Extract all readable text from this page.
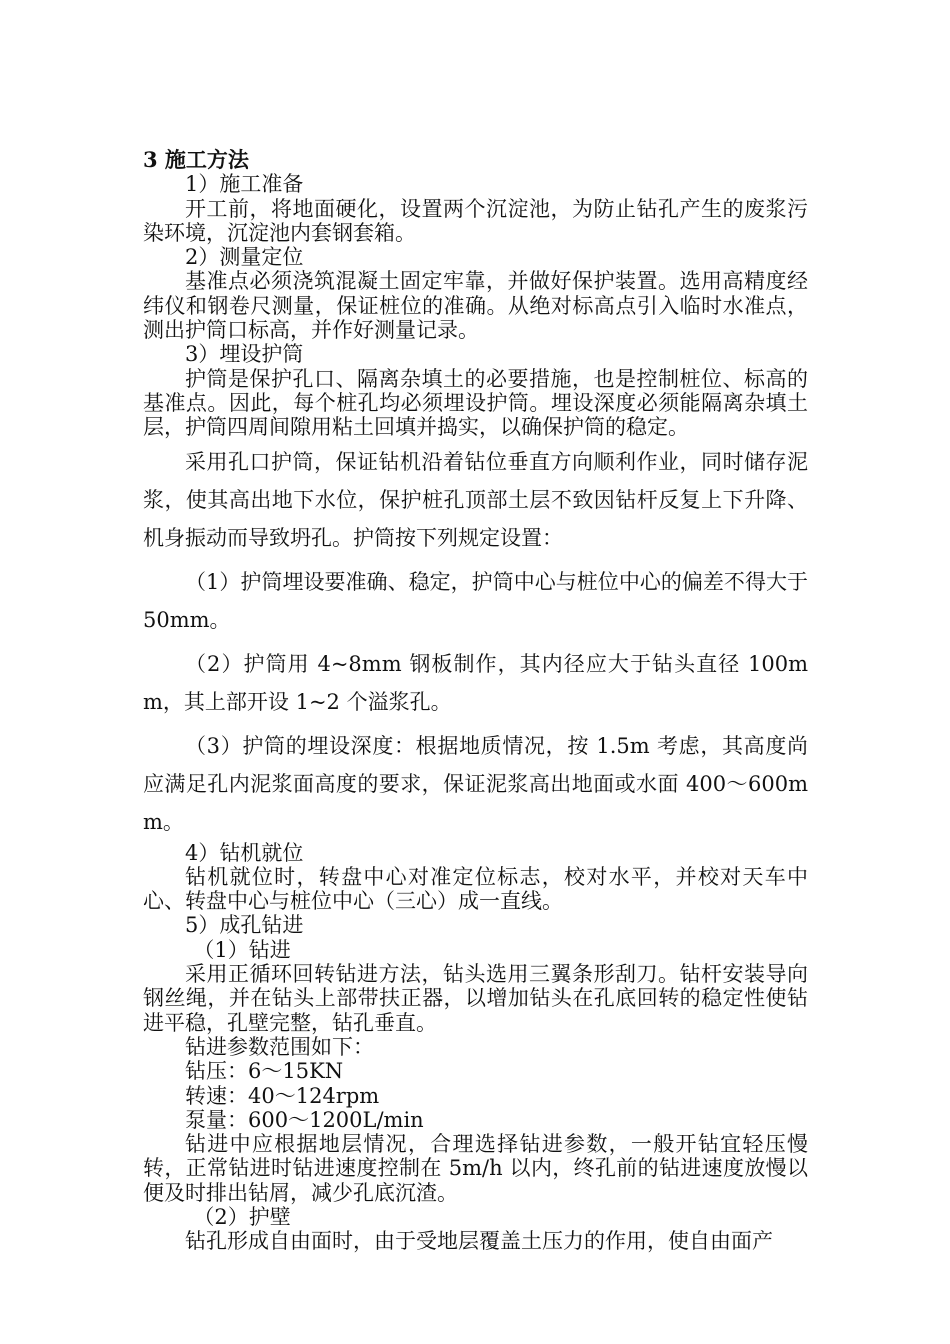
3 施工方法

1）施工准备

开工前，将地面硬化，设置两个沉淀池，为防止钻孔产生的废浆污染环境，沉淀池内套钢套箱。

2）测量定位

基准点必须浇筑混凝土固定牢靠，并做好保护装置。选用高精度经纬仪和钢卷尺测量，保证桩位的准确。从绝对标高点引入临时水准点，测出护筒口标高，并作好测量记录。

3）埋设护筒

护筒是保护孔口、隔离杂填土的必要措施，也是控制桩位、标高的基准点。因此，每个桩孔均必须埋设护筒。埋设深度必须能隔离杂填土层，护筒四周间隙用粘土回填并捣实，以确保护筒的稳定。

采用孔口护筒，保证钻机沿着钻位垂直方向顺利作业，同时储存泥浆，使其高出地下水位，保护桩孔顶部土层不致因钻杆反复上下升降、机身振动而导致坍孔。护筒按下列规定设置：

（1）护筒埋设要准确、稳定，护筒中心与桩位中心的偏差不得大于 50mm。

（2）护筒用 4~8mm 钢板制作，其内径应大于钻头直径 100mm，其上部开设 1~2 个溢浆孔。

（3）护筒的埋设深度：根据地质情况，按 1.5m 考虑，其高度尚应满足孔内泥浆面高度的要求，保证泥浆高出地面或水面 400～600mm。

4）钻机就位

钻机就位时，转盘中心对准定位标志，校对水平，并校对天车中心、转盘中心与桩位中心（三心）成一直线。

5）成孔钻进

（1）钻进

采用正循环回转钻进方法，钻头选用三翼条形刮刀。钻杆安装导向钢丝绳，并在钻头上部带扶正器，以增加钻头在孔底回转的稳定性使钻进平稳，孔壁完整，钻孔垂直。

钻进参数范围如下：

钻压：6～15KN

转速：40～124rpm

泵量：600～1200L/min

钻进中应根据地层情况，合理选择钻进参数，一般开钻宜轻压慢转，正常钻进时钻进速度控制在 5m/h 以内，终孔前的钻进速度放慢以便及时排出钻屑，减少孔底沉渣。

（2）护壁

钻孔形成自由面时，由于受地层覆盖土压力的作用，使自由面产
